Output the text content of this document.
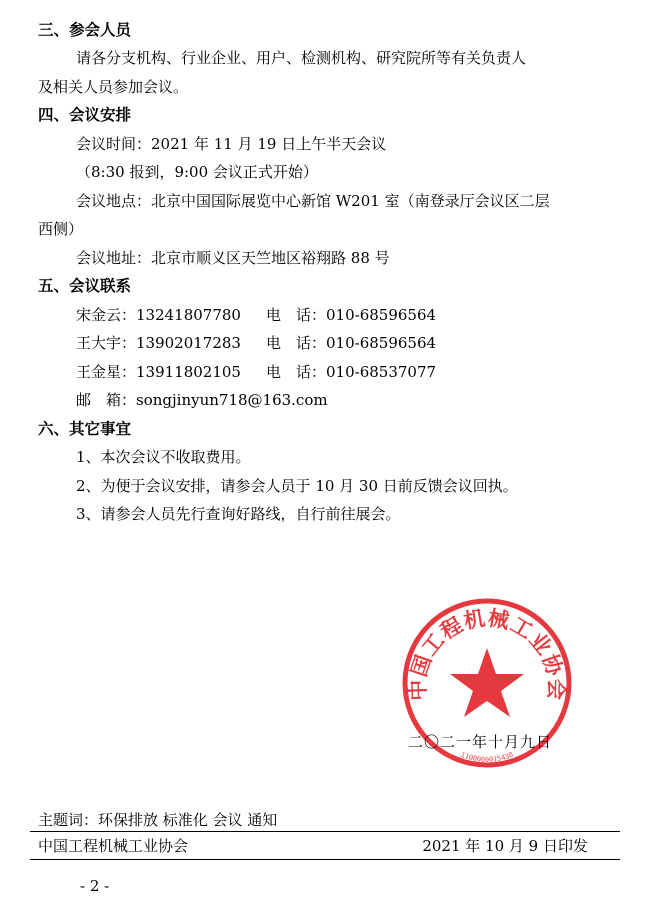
三、参会人员
请各分支机构、行业企业、用户、检测机构、研究院所等有关负责人
及相关人员参加会议。
四、会议安排
会议时间：2021 年 11 月 19 日上午半天会议
（8:30 报到，9:00 会议正式开始）
会议地点：北京中国国际展览中心新馆 W201 室（南登录厅会议区二层
西侧）
会议地址：北京市顺义区天竺地区裕翔路 88 号
五、会议联系
宋金云：13241807780 电　话：010-68596564
王大宇：13902017283 电　话：010-68596564
王金星：13911802105 电　话：010-68537077
邮　箱：songjinyun718@163.com
六、其它事宜
1、本次会议不收取费用。
2、为便于会议安排，请参会人员于 10 月 30 日前反馈会议回执。
3、请参会人员先行查询好路线，自行前往展会。
中国工程机械工业协会
1100000015430
二〇二一年十月九日
主题词：环保排放 标准化 会议 通知
中国工程机械工业协会	2021 年 10 月 9 日印发
- 2 -
